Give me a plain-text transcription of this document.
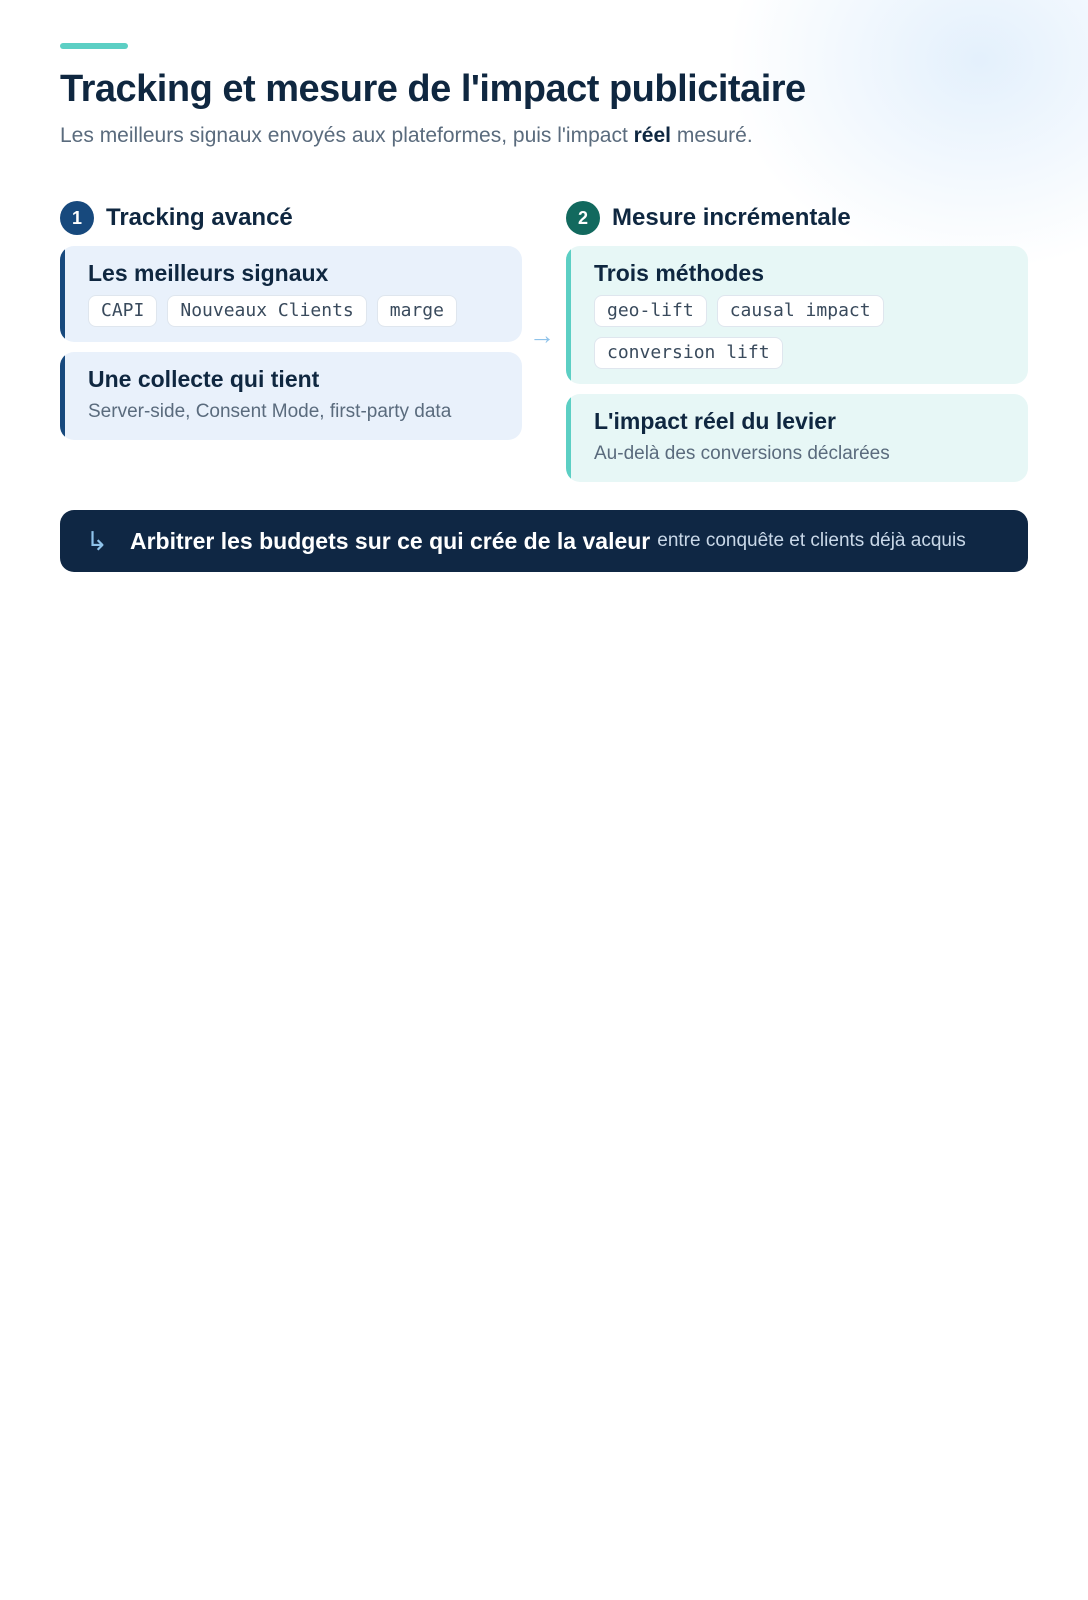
Tracking et mesure de l'impact publicitaire

Les meilleurs signaux envoyés aux plateformes, puis l'impact réel mesuré.

1	Tracking avancé
Les meilleurs signaux
CAPI	Nouveaux Clients	marge
Une collecte qui tient
Server-side, Consent Mode, first-party data
→
2	Mesure incrémentale
Trois méthodes
geo-lift	causal impact
conversion lift
L'impact réel du levier
Au-delà des conversions déclarées
↳ Arbitrer les budgets sur ce qui crée de la valeur entre conquête et clients déjà acquis
